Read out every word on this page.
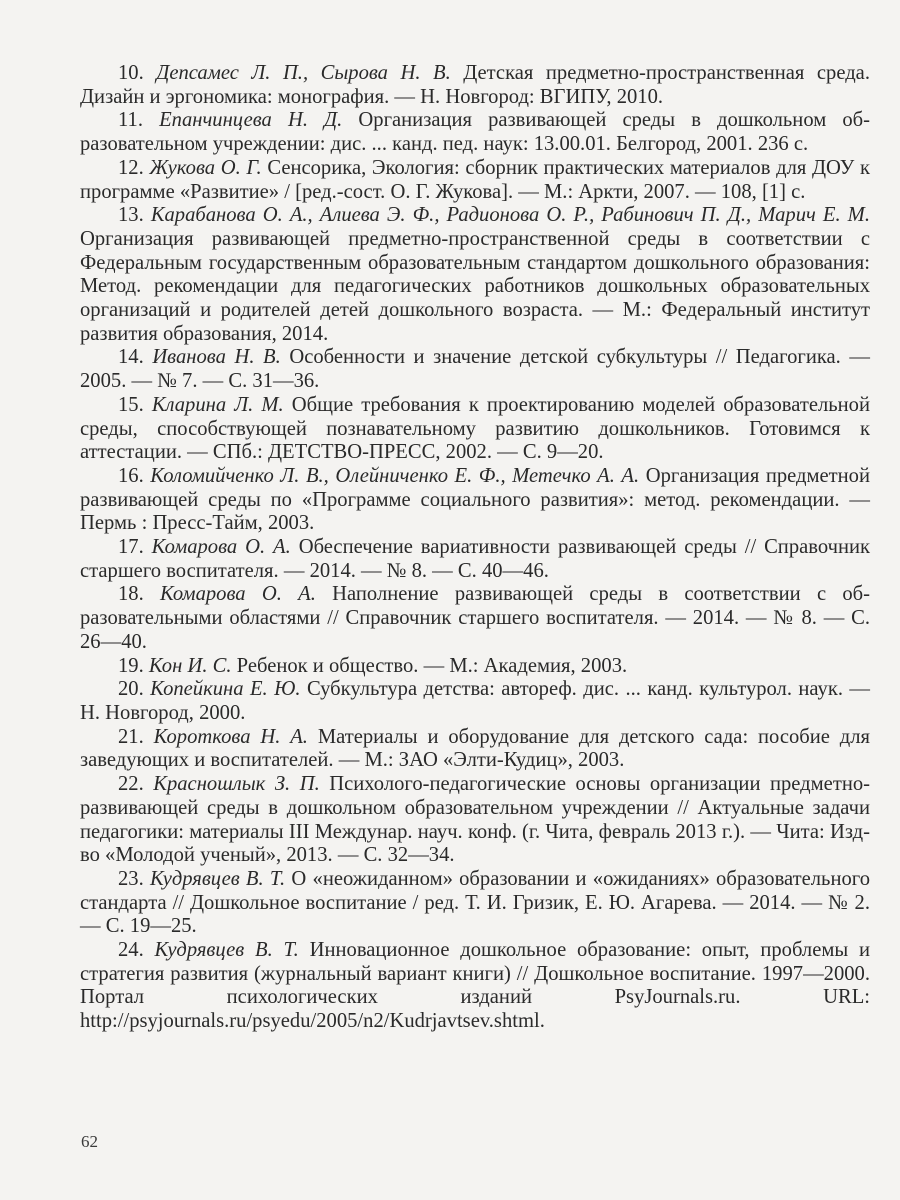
10. Депсамес Л. П., Сырова Н. В. Детская предметно-пространственная среда. Дизайн и эргономика: монография. — Н. Новгород: ВГИПУ, 2010.

11. Епанчинцева Н. Д. Организация развивающей среды в дошкольном образовательном учреждении: дис. ... канд. пед. наук: 13.00.01. Белгород, 2001. 236 с.

12. Жукова О. Г. Сенсорика, Экология: сборник практических материалов для ДОУ к программе «Развитие» / [ред.-сост. О. Г. Жукова]. — М.: Аркти, 2007. — 108, [1] с.

13. Карабанова О. А., Алиева Э. Ф., Радионова О. Р., Рабинович П. Д., Марич Е. М. Организация развивающей предметно-пространственной среды в соответствии с Федеральным государственным образовательным стандартом дошкольного образования: Метод. рекомендации для педагогических работников дошкольных образовательных организаций и родителей детей дошкольного возраста. — М.: Федеральный институт развития образования, 2014.

14. Иванова Н. В. Особенности и значение детской субкультуры // Педагогика. — 2005. — № 7. — С. 31—36.

15. Кларина Л. М. Общие требования к проектированию моделей образовательной среды, способствующей познавательному развитию дошкольников. Готовимся к аттестации. — СПб.: ДЕТСТВО-ПРЕСС, 2002. — С. 9—20.

16. Коломийченко Л. В., Олейниченко Е. Ф., Метечко А. А. Организация предметной развивающей среды по «Программе социального развития»: метод. рекомендации. — Пермь : Пресс-Тайм, 2003.

17. Комарова О. А. Обеспечение вариативности развивающей среды // Справочник старшего воспитателя. — 2014. — № 8. — С. 40—46.

18. Комарова О. А. Наполнение развивающей среды в соответствии с образовательными областями // Справочник старшего воспитателя. — 2014. — № 8. — С. 26—40.

19. Кон И. С. Ребенок и общество. — М.: Академия, 2003.

20. Копейкина Е. Ю. Субкультура детства: автореф. дис. ... канд. культурол. наук. — Н. Новгород, 2000.

21. Короткова Н. А. Материалы и оборудование для детского сада: пособие для заведующих и воспитателей. — М.: ЗАО «Элти-Кудиц», 2003.

22. Красношлык З. П. Психолого-педагогические основы организации предметно-развивающей среды в дошкольном образовательном учреждении // Актуальные задачи педагогики: материалы III Междунар. науч. конф. (г. Чита, февраль 2013 г.). — Чита: Изд-во «Молодой ученый», 2013. — С. 32—34.

23. Кудрявцев В. Т. О «неожиданном» образовании и «ожиданиях» образовательного стандарта // Дошкольное воспитание / ред. Т. И. Гризик, Е. Ю. Агарева. — 2014. — № 2. — С. 19—25.

24. Кудрявцев В. Т. Инновационное дошкольное образование: опыт, проблемы и стратегия развития (журнальный вариант книги) // Дошкольное воспитание. 1997—2000. Портал психологических изданий PsyJournals.ru. URL: http://psyjournals.ru/psyedu/2005/n2/Kudrjavtsev.shtml.

62
